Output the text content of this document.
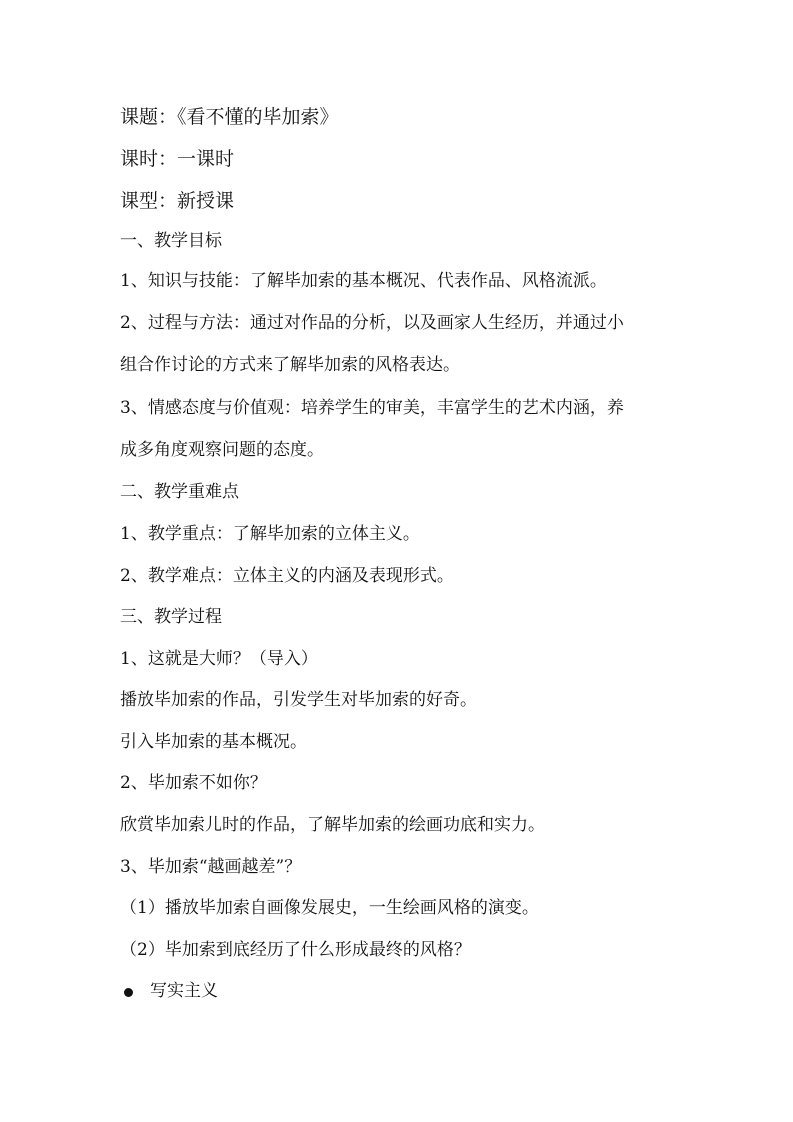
课题：《看不懂的毕加索》
课时：一课时
课型：新授课
一、教学目标
1、知识与技能：了解毕加索的基本概况、代表作品、风格流派。
2、过程与方法：通过对作品的分析，以及画家人生经历，并通过小
组合作讨论的方式来了解毕加索的风格表达。
3、情感态度与价值观：培养学生的审美，丰富学生的艺术内涵，养
成多角度观察问题的态度。
二、教学重难点
1、教学重点：了解毕加索的立体主义。
2、教学难点：立体主义的内涵及表现形式。
三、教学过程
1、这就是大师？（导入）
播放毕加索的作品，引发学生对毕加索的好奇。
引入毕加索的基本概况。
2、毕加索不如你？
欣赏毕加索儿时的作品，了解毕加索的绘画功底和实力。
3、毕加索“越画越差”？
（1）播放毕加索自画像发展史，一生绘画风格的演变。
（2）毕加索到底经历了什么形成最终的风格？
写实主义
